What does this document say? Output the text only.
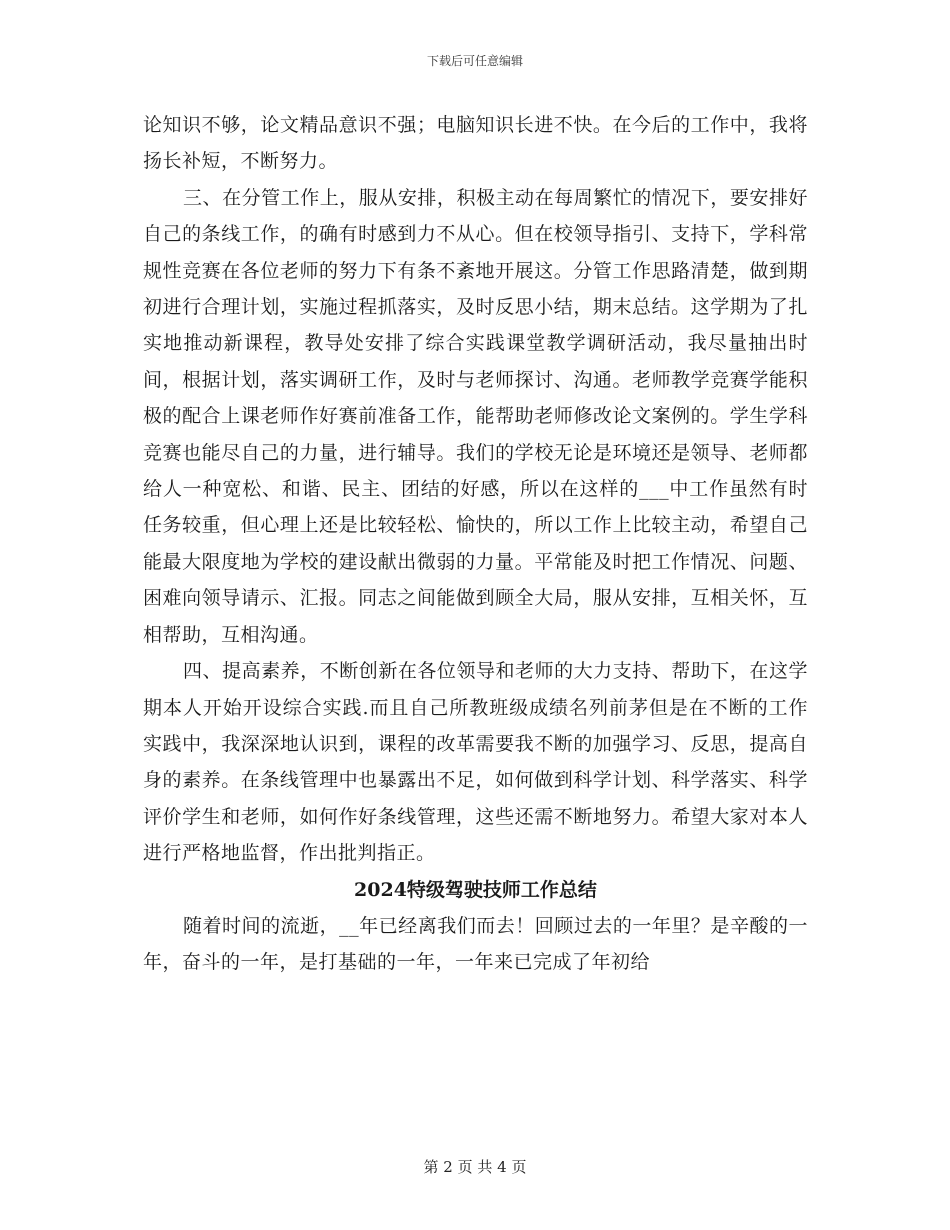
下载后可任意编辑

论知识不够，论文精品意识不强；电脑知识长进不快。在今后的工作中，我将扬长补短，不断努力。

三、在分管工作上，服从安排，积极主动在每周繁忙的情况下，要安排好自己的条线工作，的确有时感到力不从心。但在校领导指引、支持下，学科常规性竞赛在各位老师的努力下有条不紊地开展这。分管工作思路清楚，做到期初进行合理计划，实施过程抓落实，及时反思小结，期末总结。这学期为了扎实地推动新课程，教导处安排了综合实践课堂教学调研活动，我尽量抽出时间，根据计划，落实调研工作，及时与老师探讨、沟通。老师教学竞赛学能积极的配合上课老师作好赛前准备工作，能帮助老师修改论文案例的。学生学科竞赛也能尽自己的力量，进行辅导。我们的学校无论是环境还是领导、老师都给人一种宽松、和谐、民主、团结的好感，所以在这样的___中工作虽然有时任务较重，但心理上还是比较轻松、愉快的，所以工作上比较主动，希望自己能最大限度地为学校的建设献出微弱的力量。平常能及时把工作情况、问题、困难向领导请示、汇报。同志之间能做到顾全大局，服从安排，互相关怀，互相帮助，互相沟通。

四、提高素养，不断创新在各位领导和老师的大力支持、帮助下，在这学期本人开始开设综合实践.而且自己所教班级成绩名列前茅但是在不断的工作实践中，我深深地认识到，课程的改革需要我不断的加强学习、反思，提高自身的素养。在条线管理中也暴露出不足，如何做到科学计划、科学落实、科学评价学生和老师，如何作好条线管理，这些还需不断地努力。希望大家对本人进行严格地监督，作出批判指正。

2024特级驾驶技师工作总结

随着时间的流逝，__年已经离我们而去！回顾过去的一年里？是辛酸的一年，奋斗的一年，是打基础的一年，一年来已完成了年初给

第 2 页 共 4 页
